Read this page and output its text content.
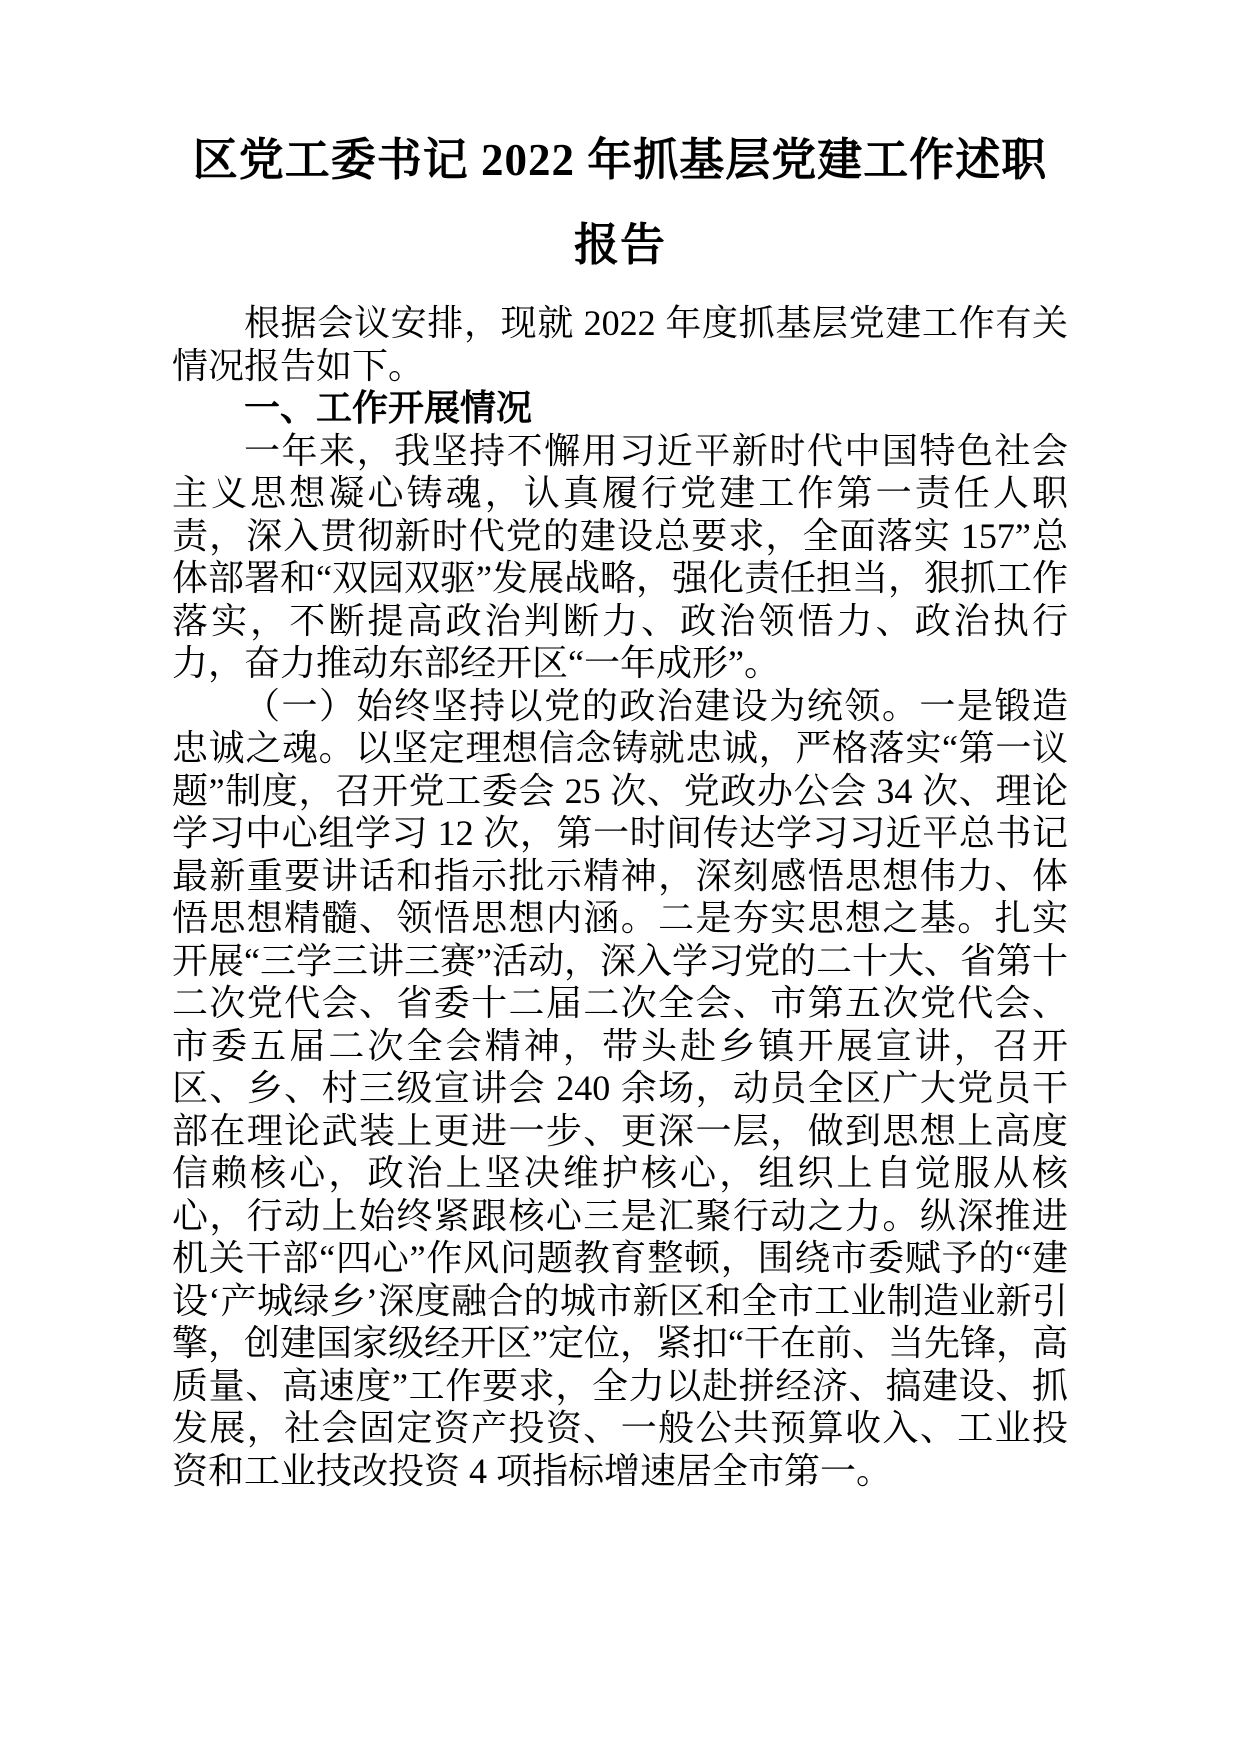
区党工委书记 2022 年抓基层党建工作述职报告

根据会议安排，现就 2022 年度抓基层党建工作有关情况报告如下。

一、工作开展情况

一年来，我坚持不懈用习近平新时代中国特色社会主义思想凝心铸魂，认真履行党建工作第一责任人职责，深入贯彻新时代党的建设总要求，全面落实 157”总体部署和“双园双驱”发展战略，强化责任担当，狠抓工作落实，不断提高政治判断力、政治领悟力、政治执行力，奋力推动东部经开区“一年成形”。

（一）始终坚持以党的政治建设为统领。一是锻造忠诚之魂。以坚定理想信念铸就忠诚，严格落实“第一议题”制度，召开党工委会 25 次、党政办公会 34 次、理论学习中心组学习 12 次，第一时间传达学习习近平总书记最新重要讲话和指示批示精神，深刻感悟思想伟力、体悟思想精髓、领悟思想内涵。二是夯实思想之基。扎实开展“三学三讲三赛”活动，深入学习党的二十大、省第十二次党代会、省委十二届二次全会、市第五次党代会、市委五届二次全会精神，带头赴乡镇开展宣讲，召开区、乡、村三级宣讲会 240 余场，动员全区广大党员干部在理论武装上更进一步、更深一层，做到思想上高度信赖核心，政治上坚决维护核心，组织上自觉服从核心，行动上始终紧跟核心三是汇聚行动之力。纵深推进机关干部“四心”作风问题教育整顿，围绕市委赋予的“建设‘产城绿乡’深度融合的城市新区和全市工业制造业新引擎，创建国家级经开区”定位，紧扣“干在前、当先锋，高质量、高速度”工作要求，全力以赴拼经济、搞建设、抓发展，社会固定资产投资、一般公共预算收入、工业投资和工业技改投资 4 项指标增速居全市第一。
